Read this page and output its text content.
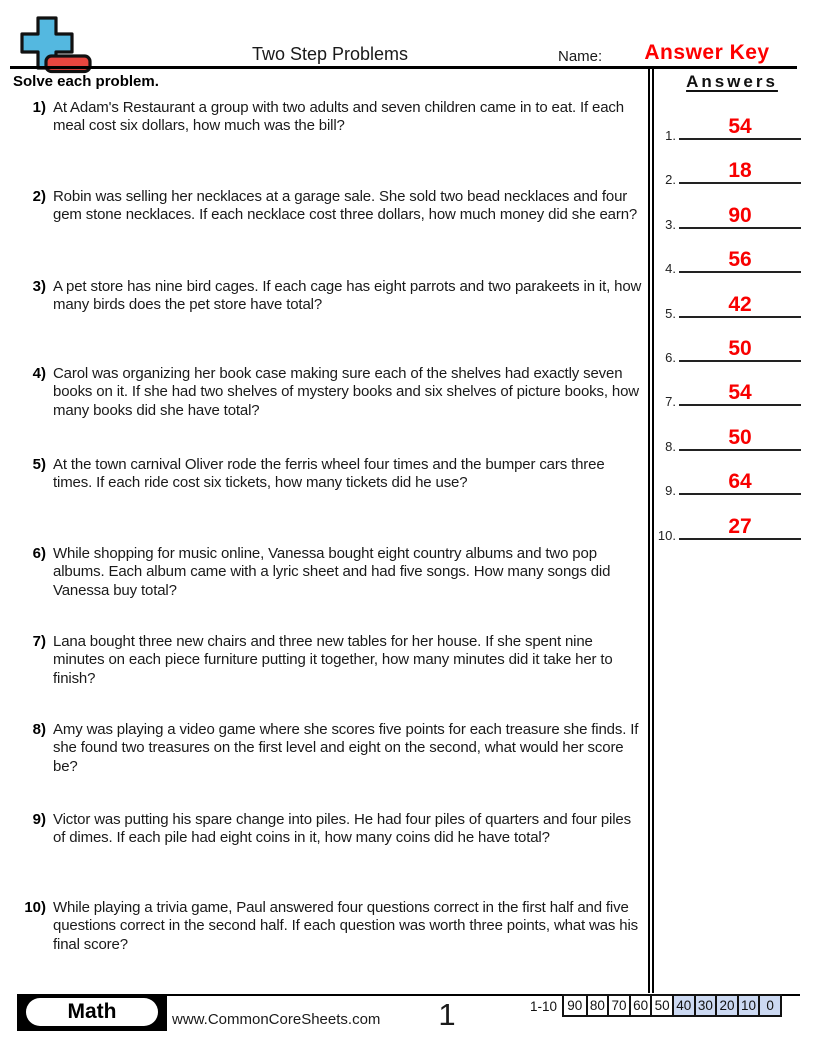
Two Step Problems	Name:	Answer Key
Solve each problem.	Answers
1.	54
2.	18
3.	90
4.	56
5.	42
6.	50
7.	54
8.	50
9.	64
10.	27
1) At Adam's Restaurant a group with two adults and seven children came in to eat. If each meal cost six dollars, how much was the bill?
2) Robin was selling her necklaces at a garage sale. She sold two bead necklaces and four gem stone necklaces. If each necklace cost three dollars, how much money did she earn?
3) A pet store has nine bird cages. If each cage has eight parrots and two parakeets in it, how many birds does the pet store have total?
4) Carol was organizing her book case making sure each of the shelves had exactly seven books on it. If she had two shelves of mystery books and six shelves of picture books, how many books did she have total?
5) At the town carnival Oliver rode the ferris wheel four times and the bumper cars three times. If each ride cost six tickets, how many tickets did he use?
6) While shopping for music online, Vanessa bought eight country albums and two pop albums. Each album came with a lyric sheet and had five songs. How many songs did Vanessa buy total?
7) Lana bought three new chairs and three new tables for her house. If she spent nine minutes on each piece furniture putting it together, how many minutes did it take her to finish?
8) Amy was playing a video game where she scores five points for each treasure she finds. If she found two treasures on the first level and eight on the second, what would her score be?
9) Victor was putting his spare change into piles. He had four piles of quarters and four piles of dimes. If each pile had eight coins in it, how many coins did he have total?
10) While playing a trivia game, Paul answered four questions correct in the first half and five questions correct in the second half. If each question was worth three points, what was his final score?
Math	www.CommonCoreSheets.com	1	1-10 90 80 70 60 50 40 30 20 10 0
